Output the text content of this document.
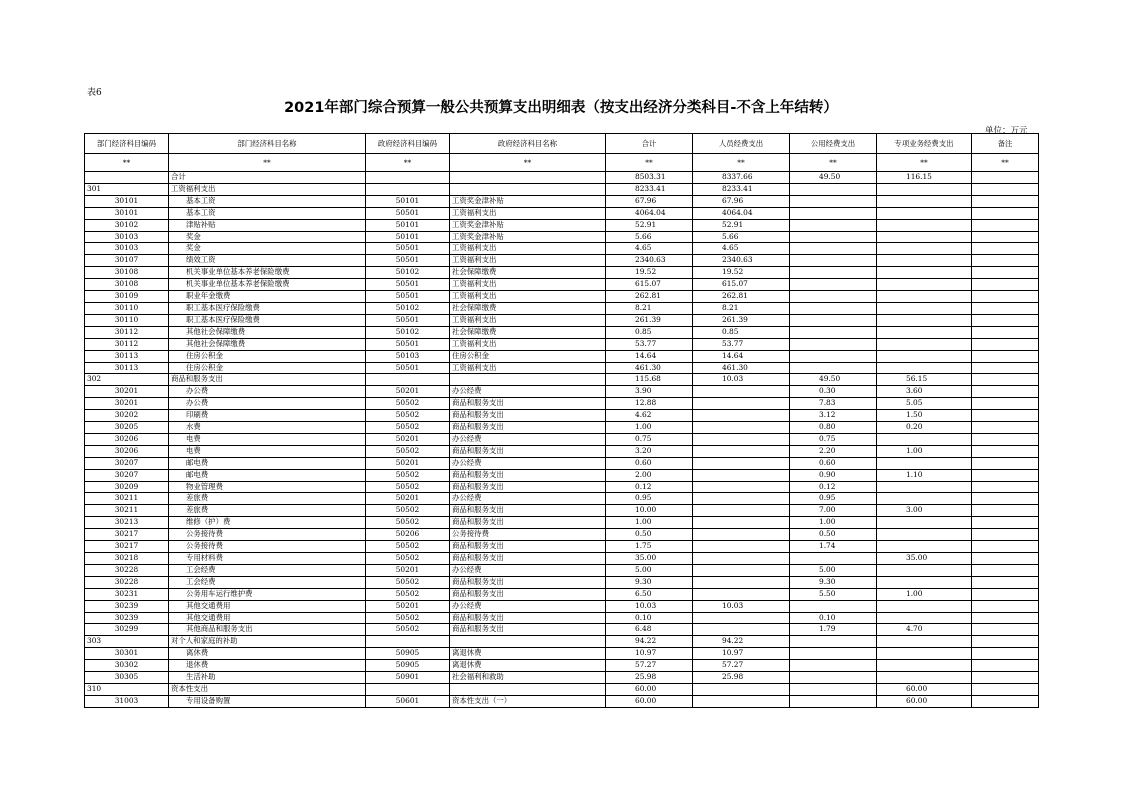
表6
2021年部门综合预算一般公共预算支出明细表（按支出经济分类科目-不含上年结转）
单位：万元
部门经济科目编码	部门经济科目名称	政府经济科目编码	政府经济科目名称	合计	人员经费支出	公用经费支出	专项业务经费支出	备注
**	**	**	**	**	**	**	**	**
	合计			8503.31	8337.66	49.50	116.15	
301	工资福利支出			8233.41	8233.41			
30101	基本工资	50101	工资奖金津补贴	67.96	67.96			
30101	基本工资	50501	工资福利支出	4064.04	4064.04			
30102	津贴补贴	50101	工资奖金津补贴	52.91	52.91			
30103	奖金	50101	工资奖金津补贴	5.66	5.66			
30103	奖金	50501	工资福利支出	4.65	4.65			
30107	绩效工资	50501	工资福利支出	2340.63	2340.63			
30108	机关事业单位基本养老保险缴费	50102	社会保障缴费	19.52	19.52			
30108	机关事业单位基本养老保险缴费	50501	工资福利支出	615.07	615.07			
30109	职业年金缴费	50501	工资福利支出	262.81	262.81			
30110	职工基本医疗保险缴费	50102	社会保障缴费	8.21	8.21			
30110	职工基本医疗保险缴费	50501	工资福利支出	261.39	261.39			
30112	其他社会保障缴费	50102	社会保障缴费	0.85	0.85			
30112	其他社会保障缴费	50501	工资福利支出	53.77	53.77			
30113	住房公积金	50103	住房公积金	14.64	14.64			
30113	住房公积金	50501	工资福利支出	461.30	461.30			
302	商品和服务支出			115.68	10.03	49.50	56.15	
30201	办公费	50201	办公经费	3.90		0.30	3.60	
30201	办公费	50502	商品和服务支出	12.88		7.83	5.05	
30202	印刷费	50502	商品和服务支出	4.62		3.12	1.50	
30205	水费	50502	商品和服务支出	1.00		0.80	0.20	
30206	电费	50201	办公经费	0.75		0.75		
30206	电费	50502	商品和服务支出	3.20		2.20	1.00	
30207	邮电费	50201	办公经费	0.60		0.60		
30207	邮电费	50502	商品和服务支出	2.00		0.90	1.10	
30209	物业管理费	50502	商品和服务支出	0.12		0.12		
30211	差旅费	50201	办公经费	0.95		0.95		
30211	差旅费	50502	商品和服务支出	10.00		7.00	3.00	
30213	维修（护）费	50502	商品和服务支出	1.00		1.00		
30217	公务接待费	50206	公务接待费	0.50		0.50		
30217	公务接待费	50502	商品和服务支出	1.75		1.74		
30218	专用材料费	50502	商品和服务支出	35.00			35.00	
30228	工会经费	50201	办公经费	5.00		5.00		
30228	工会经费	50502	商品和服务支出	9.30		9.30		
30231	公务用车运行维护费	50502	商品和服务支出	6.50		5.50	1.00	
30239	其他交通费用	50201	办公经费	10.03	10.03			
30239	其他交通费用	50502	商品和服务支出	0.10		0.10		
30299	其他商品和服务支出	50502	商品和服务支出	6.48		1.79	4.70	
303	对个人和家庭的补助			94.22	94.22			
30301	离休费	50905	离退休费	10.97	10.97			
30302	退休费	50905	离退休费	57.27	57.27			
30305	生活补助	50901	社会福利和救助	25.98	25.98			
310	资本性支出			60.00			60.00	
31003	专用设备购置	50601	资本性支出（一）	60.00			60.00	
